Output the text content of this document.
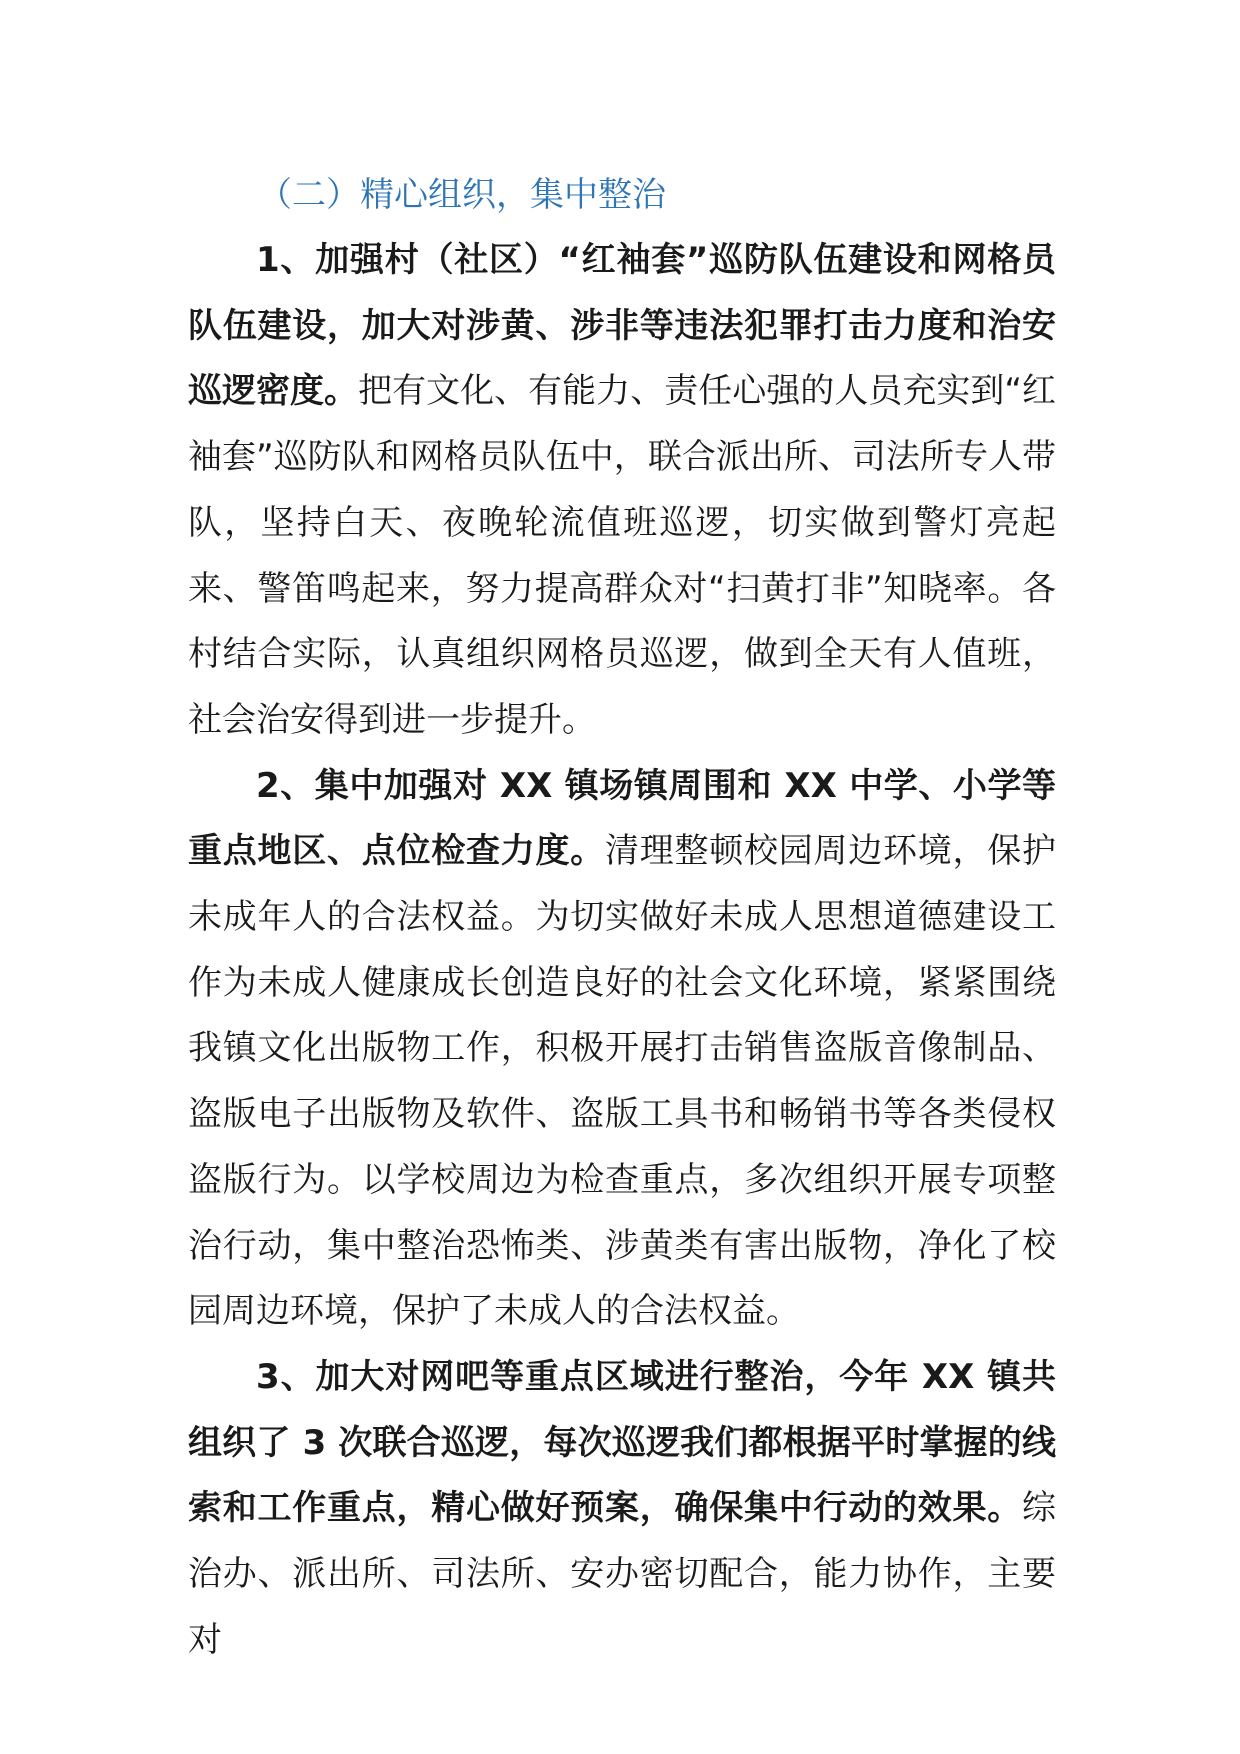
（二）精心组织，集中整治

1、加强村（社区）“红袖套”巡防队伍建设和网格员队伍建设，加大对涉黄、涉非等违法犯罪打击力度和治安巡逻密度。把有文化、有能力、责任心强的人员充实到“红袖套”巡防队和网格员队伍中，联合派出所、司法所专人带队，坚持白天、夜晚轮流值班巡逻，切实做到警灯亮起来、警笛鸣起来，努力提高群众对“扫黄打非”知晓率。各村结合实际，认真组织网格员巡逻，做到全天有人值班，社会治安得到进一步提升。

2、集中加强对 XX 镇场镇周围和 XX 中学、小学等重点地区、点位检查力度。清理整顿校园周边环境，保护未成年人的合法权益。为切实做好未成人思想道德建设工作为未成人健康成长创造良好的社会文化环境，紧紧围绕我镇文化出版物工作，积极开展打击销售盗版音像制品、盗版电子出版物及软件、盗版工具书和畅销书等各类侵权盗版行为。以学校周边为检查重点，多次组织开展专项整治行动，集中整治恐怖类、涉黄类有害出版物，净化了校园周边环境，保护了未成人的合法权益。

3、加大对网吧等重点区域进行整治，今年 XX 镇共组织了 3 次联合巡逻，每次巡逻我们都根据平时掌握的线索和工作重点，精心做好预案，确保集中行动的效果。综治办、派出所、司法所、安办密切配合，能力协作，主要对
